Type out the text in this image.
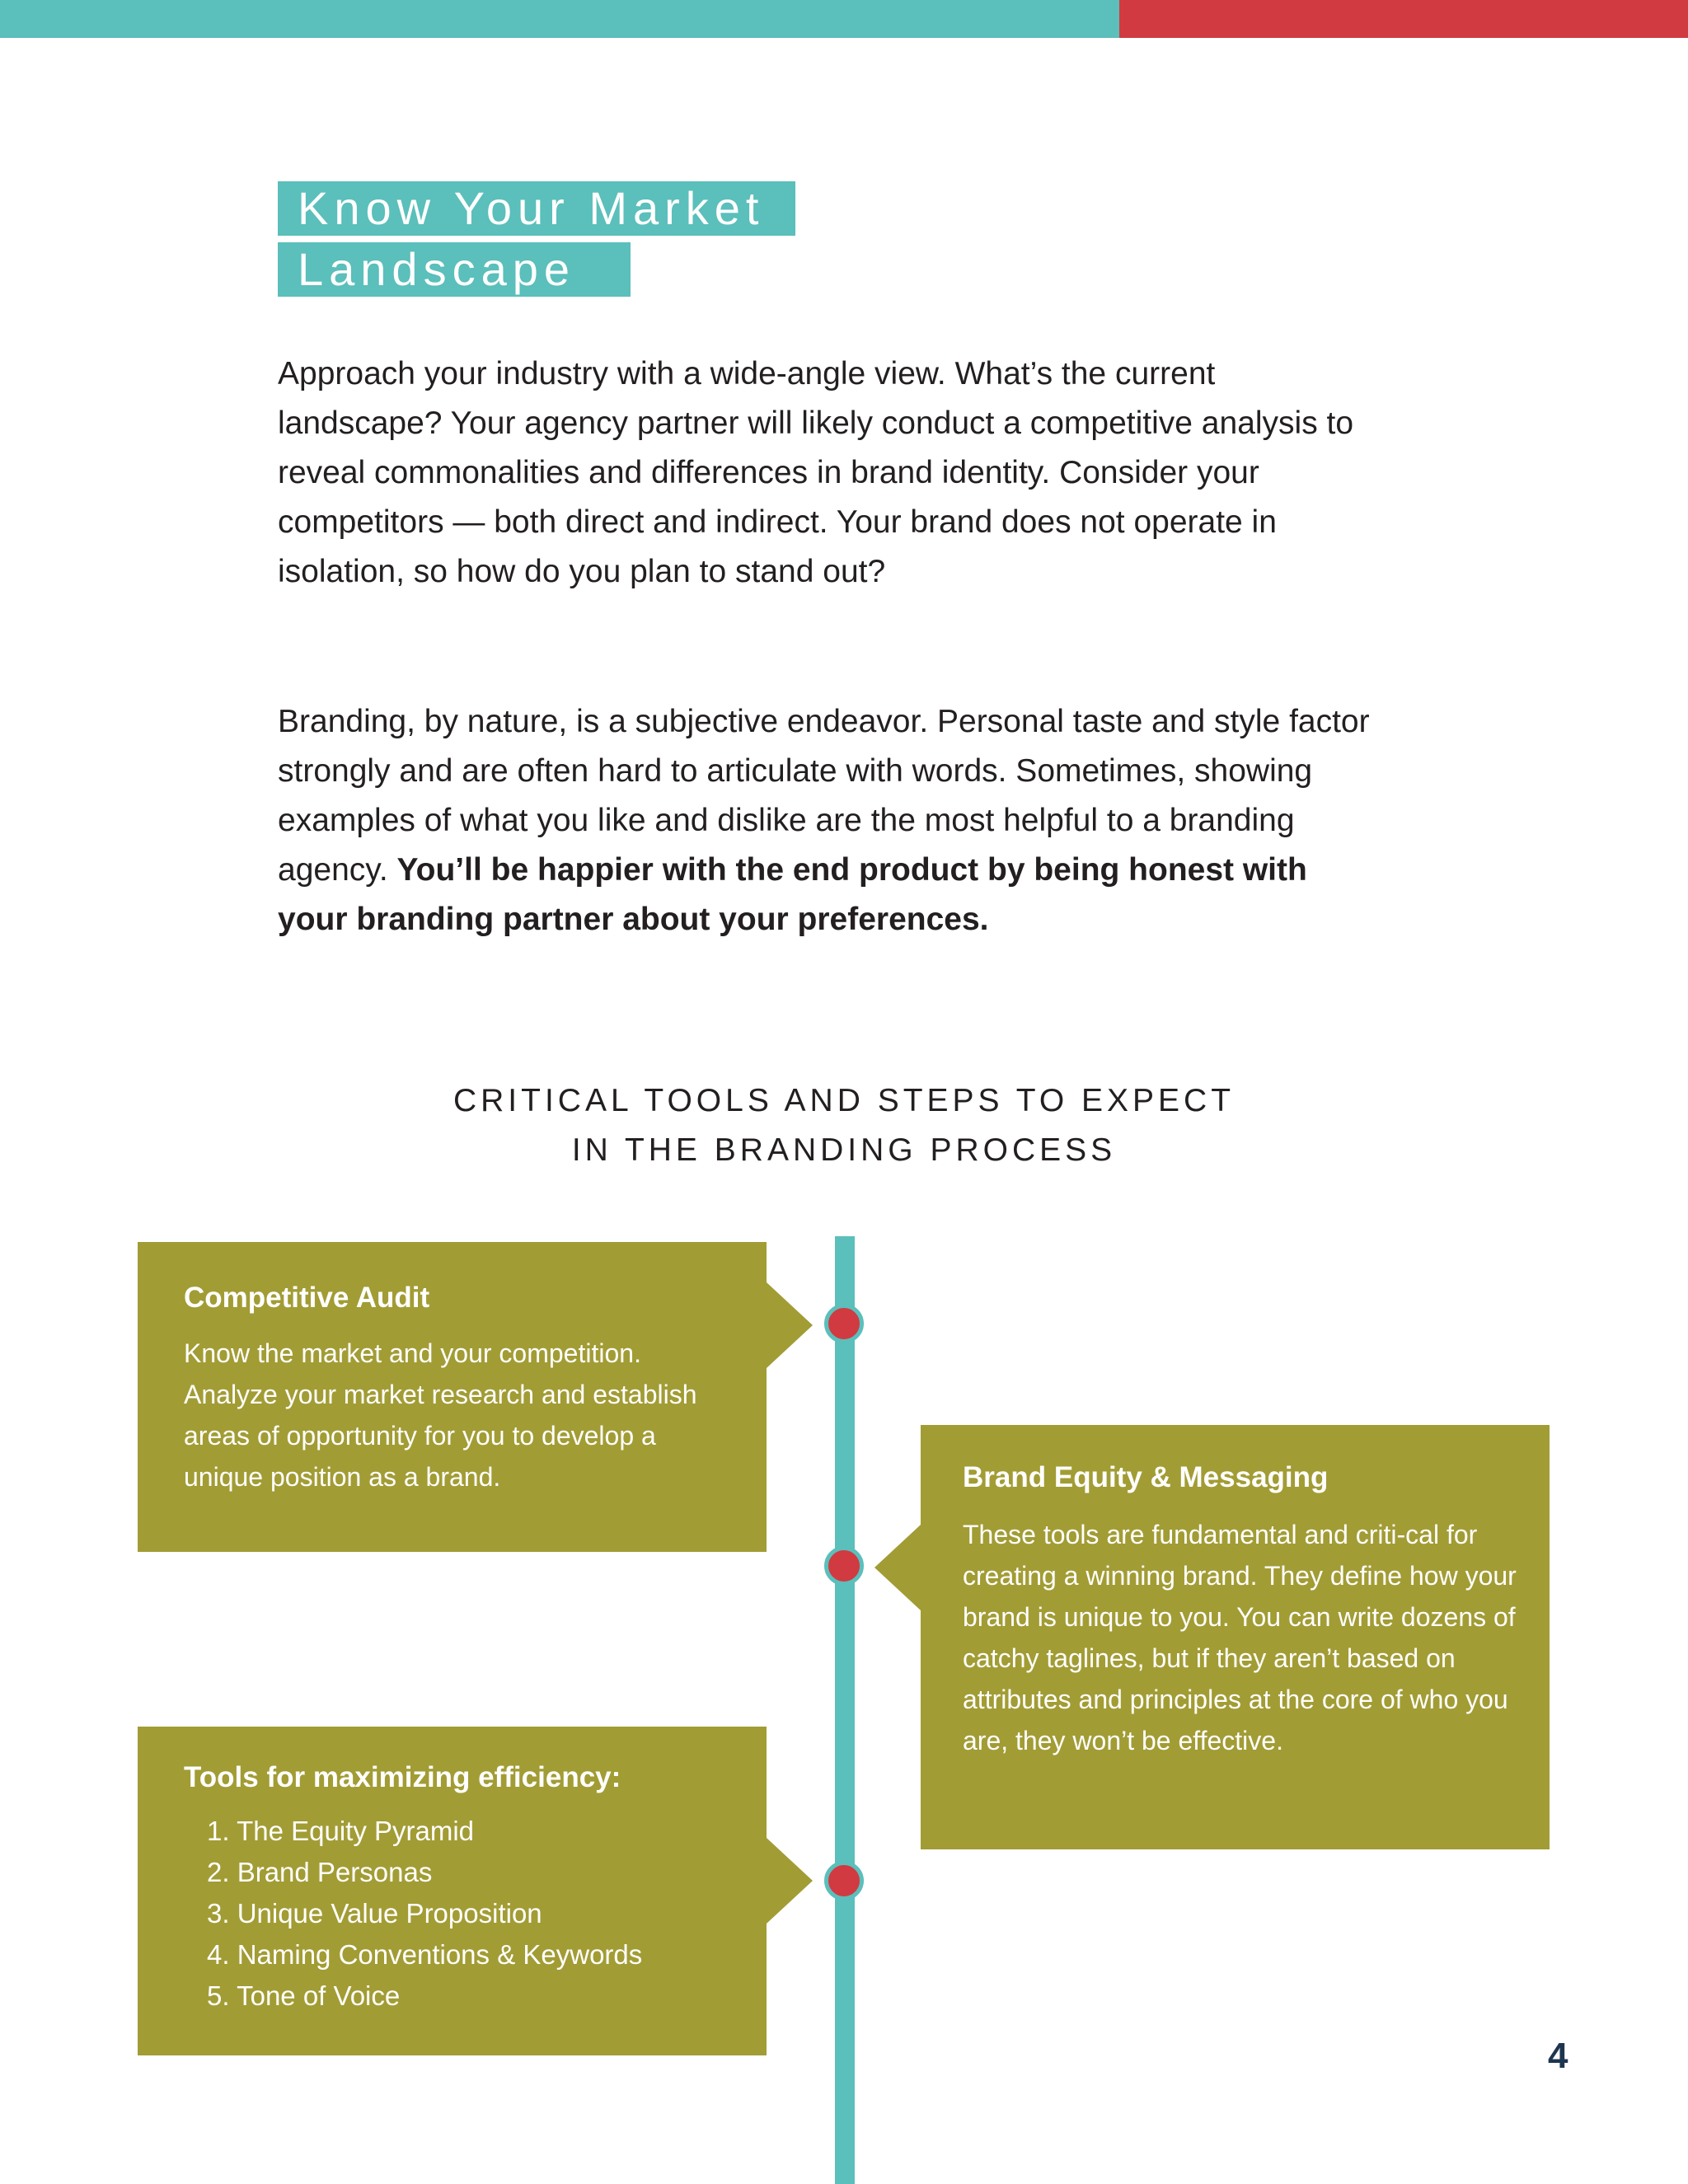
Know Your Market
Landscape
Approach your industry with a wide-angle view. What’s the current landscape? Your agency partner will likely conduct a competitive analysis to reveal commonalities and differences in brand identity. Consider your competitors — both direct and indirect. Your brand does not operate in isolation, so how do you plan to stand out?
Branding, by nature, is a subjective endeavor. Personal taste and style factor strongly and are often hard to articulate with words. Sometimes, showing examples of what you like and dislike are the most helpful to a branding agency. You’ll be happier with the end product by being honest with your branding partner about your preferences.
CRITICAL TOOLS AND STEPS TO EXPECT
IN THE BRANDING PROCESS
Competitive Audit
Know the market and your competition. Analyze your market research and establish areas of opportunity for you to develop a unique position as a brand.	Brand Equity & Messaging
These tools are fundamental and criti-cal for creating a winning brand. They define how your brand is unique to you. You can write dozens of catchy taglines, but if they aren’t based on attributes and principles at the core of who you are, they won’t be effective.
Tools for maximizing efficiency:
1. The Equity Pyramid
2. Brand Personas
3. Unique Value Proposition
4. Naming Conventions & Keywords
5. Tone of Voice
4
